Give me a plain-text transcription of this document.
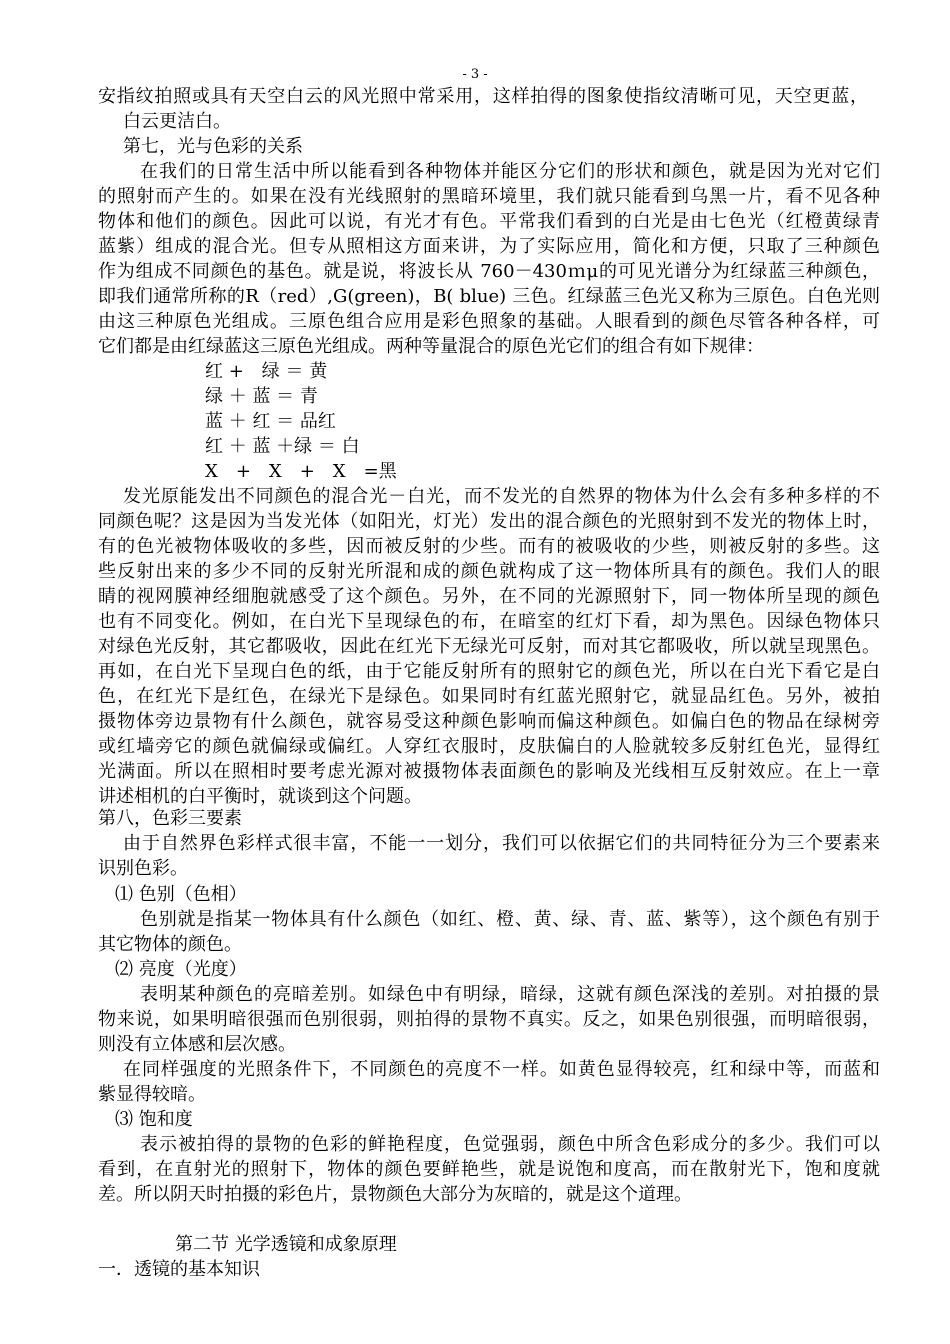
- 3 -
安指纹拍照或具有天空白云的风光照中常采用，这样拍得的图象使指纹清晰可见，天空更蓝，
白云更洁白。
第七，光与色彩的关系
在我们的日常生活中所以能看到各种物体并能区分它们的形状和颜色，就是因为光对它们
的照射而产生的。如果在没有光线照射的黑暗环境里，我们就只能看到乌黑一片，看不见各种
物体和他们的颜色。因此可以说，有光才有色。平常我们看到的白光是由七色光（红橙黄绿青
蓝紫）组成的混合光。但专从照相这方面来讲，为了实际应用，简化和方便，只取了三种颜色
作为组成不同颜色的基色。就是说，将波长从 760－430ｍμ的可见光谱分为红绿蓝三种颜色，
即我们通常所称的R（red）,G(green)，B( blue) 三色。红绿蓝三色光又称为三原色。白色光则
由这三种原色光组成。三原色组合应用是彩色照象的基础。人眼看到的颜色尽管各种各样，可
它们都是由红绿蓝这三原色光组成。两种等量混合的原色光它们的组合有如下规律：
红 +　绿 ＝ 黄
绿 ＋ 蓝 ＝ 青
蓝 ＋ 红 ＝ 品红
红 ＋ 蓝 ＋绿 ＝ 白
X　+　X　+　X　=黑
发光原能发出不同颜色的混合光－白光，而不发光的自然界的物体为什么会有多种多样的不
同颜色呢？这是因为当发光体（如阳光，灯光）发出的混合颜色的光照射到不发光的物体上时，
有的色光被物体吸收的多些，因而被反射的少些。而有的被吸收的少些，则被反射的多些。这
些反射出来的多少不同的反射光所混和成的颜色就构成了这一物体所具有的颜色。我们人的眼
睛的视网膜神经细胞就感受了这个颜色。另外，在不同的光源照射下，同一物体所呈现的颜色
也有不同变化。例如，在白光下呈现绿色的布，在暗室的红灯下看，却为黑色。因绿色物体只
对绿色光反射，其它都吸收，因此在红光下无绿光可反射，而对其它都吸收，所以就呈现黑色。
再如，在白光下呈现白色的纸，由于它能反射所有的照射它的颜色光，所以在白光下看它是白
色，在红光下是红色，在绿光下是绿色。如果同时有红蓝光照射它，就显品红色。另外，被拍
摄物体旁边景物有什么颜色，就容易受这种颜色影响而偏这种颜色。如偏白色的物品在绿树旁
或红墙旁它的颜色就偏绿或偏红。人穿红衣服时，皮肤偏白的人脸就较多反射红色光，显得红
光满面。所以在照相时要考虑光源对被摄物体表面颜色的影响及光线相互反射效应。在上一章
讲述相机的白平衡时，就谈到这个问题。
第八，色彩三要素
由于自然界色彩样式很丰富，不能一一划分，我们可以依据它们的共同特征分为三个要素来
识别色彩。
⑴ 色别（色相）
色别就是指某一物体具有什么颜色（如红、橙、黄、绿、青、蓝、紫等），这个颜色有别于
其它物体的颜色。
⑵ 亮度（光度）
表明某种颜色的亮暗差别。如绿色中有明绿，暗绿，这就有颜色深浅的差别。对拍摄的景
物来说，如果明暗很强而色别很弱，则拍得的景物不真实。反之，如果色别很强，而明暗很弱，
则没有立体感和层次感。
在同样强度的光照条件下，不同颜色的亮度不一样。如黄色显得较亮，红和绿中等，而蓝和
紫显得较暗。
⑶ 饱和度
表示被拍得的景物的色彩的鲜艳程度，色觉强弱，颜色中所含色彩成分的多少。我们可以
看到，在直射光的照射下，物体的颜色要鲜艳些，就是说饱和度高，而在散射光下，饱和度就
差。所以阴天时拍摄的彩色片，景物颜色大部分为灰暗的，就是这个道理。
第二节 光学透镜和成象原理
一．透镜的基本知识
